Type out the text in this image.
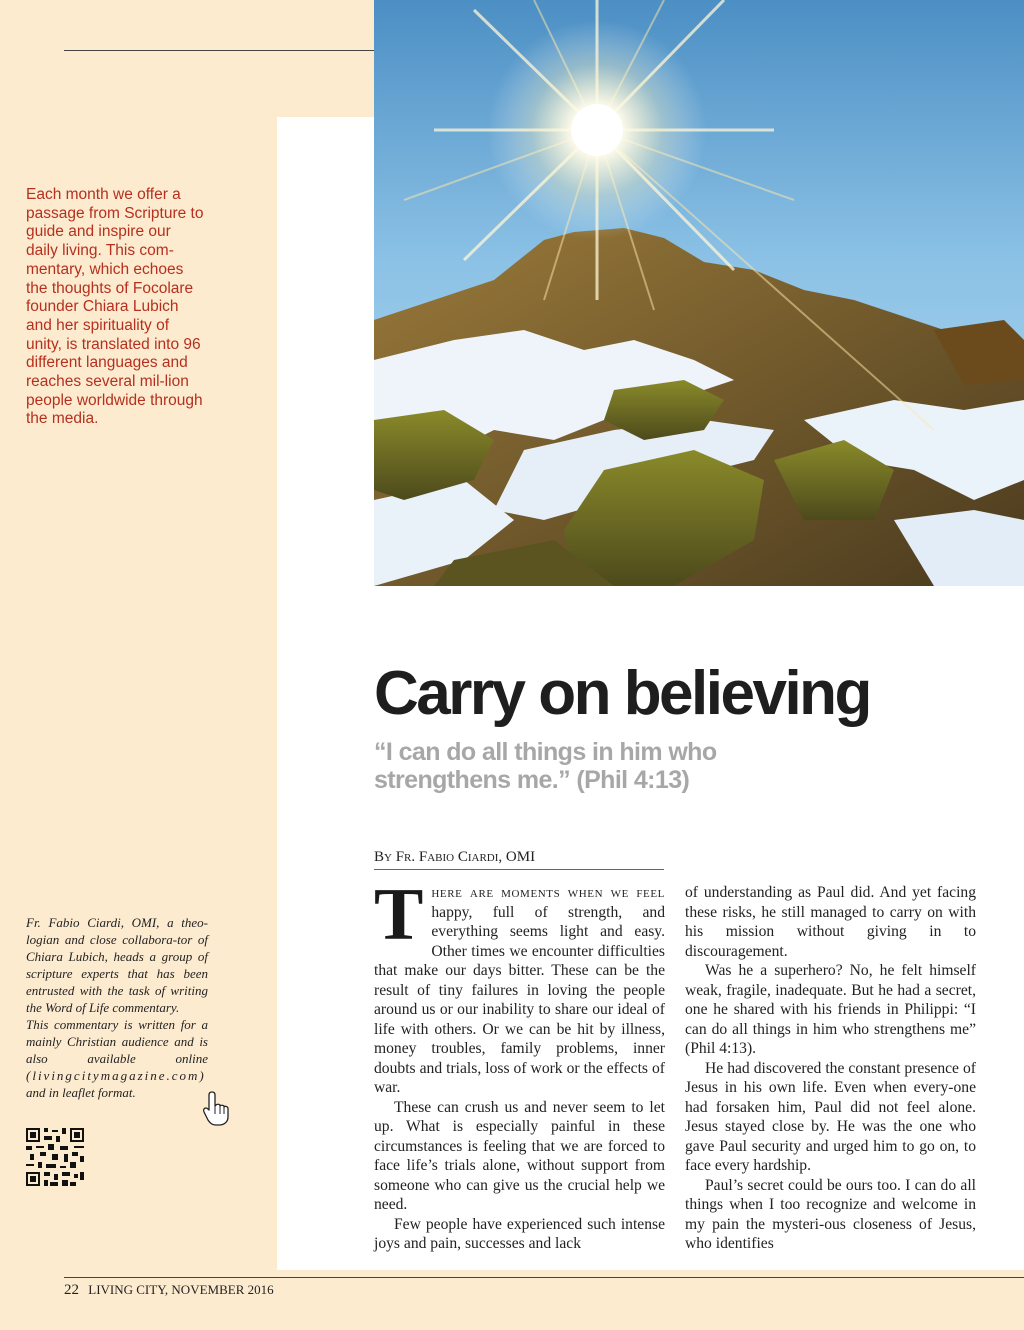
Each month we offer a passage from Scripture to guide and inspire our daily living. This com-mentary, which echoes the thoughts of Focolare founder Chiara Lubich and her spirituality of unity, is translated into 96 different languages and reaches several mil-lion people worldwide through the media.

Fr. Fabio Ciardi, OMI, a theo-logian and close collabora-tor of Chiara Lubich, heads a group of scripture experts that has been entrusted with the task of writing the Word of Life commentary.
This commentary is written for a mainly Christian audience and is also available online (livingcitymagazine.com) and in leaflet format.

Carry on believing
“I can do all things in him who strengthens me.” (Phil 4:13)
By Fr. Fabio Ciardi, OMI

There are moments when we feel happy, full of strength, and everything seems light and easy. Other times we encounter difficulties that make our days bitter. These can be the result of tiny failures in loving the people around us or our inability to share our ideal of life with others. Or we can be hit by illness, money troubles, family problems, inner doubts and trials, loss of work or the effects of war.

These can crush us and never seem to let up. What is especially painful in these circumstances is feeling that we are forced to face life’s trials alone, without support from someone who can give us the crucial help we need.

Few people have experienced such intense joys and pain, successes and lack

of understanding as Paul did. And yet facing these risks, he still managed to carry on with his mission without giving in to discouragement.

Was he a superhero? No, he felt himself weak, fragile, inadequate. But he had a secret, one he shared with his friends in Philippi: “I can do all things in him who strengthens me” (Phil 4:13).

He had discovered the constant presence of Jesus in his own life. Even when every-one had forsaken him, Paul did not feel alone. Jesus stayed close by. He was the one who gave Paul security and urged him to go on, to face every hardship.

Paul’s secret could be ours too. I can do all things when I too recognize and welcome in my pain the mysteri-ous closeness of Jesus, who identifies

22 LIVING CITY, NOVEMBER 2016
